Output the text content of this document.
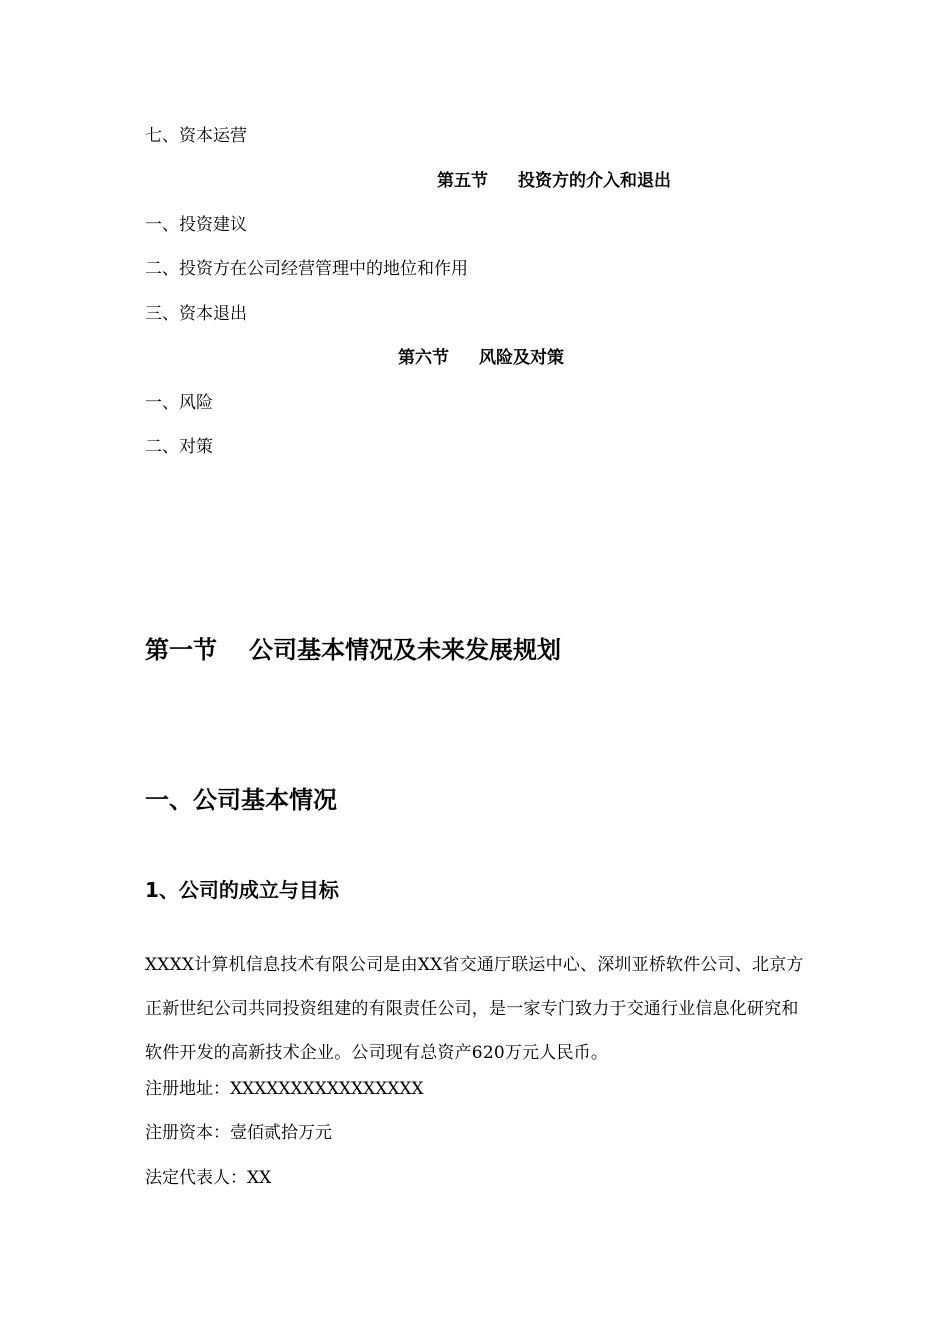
七、资本运营
第五节 投资方的介入和退出
一、投资建议
二、投资方在公司经营管理中的地位和作用
三、资本退出
第六节 风险及对策
一、风险
二、对策
第一节 公司基本情况及未来发展规划
一、公司基本情况
1、公司的成立与目标
XXXX计算机信息技术有限公司是由XX省交通厅联运中心、深圳亚桥软件公司、北京方正新世纪公司共同投资组建的有限责任公司，是一家专门致力于交通行业信息化研究和软件开发的高新技术企业。公司现有总资产620万元人民币。
注册地址：XXXXXXXXXXXXXXXX
注册资本：壹佰贰拾万元
法定代表人：XX
